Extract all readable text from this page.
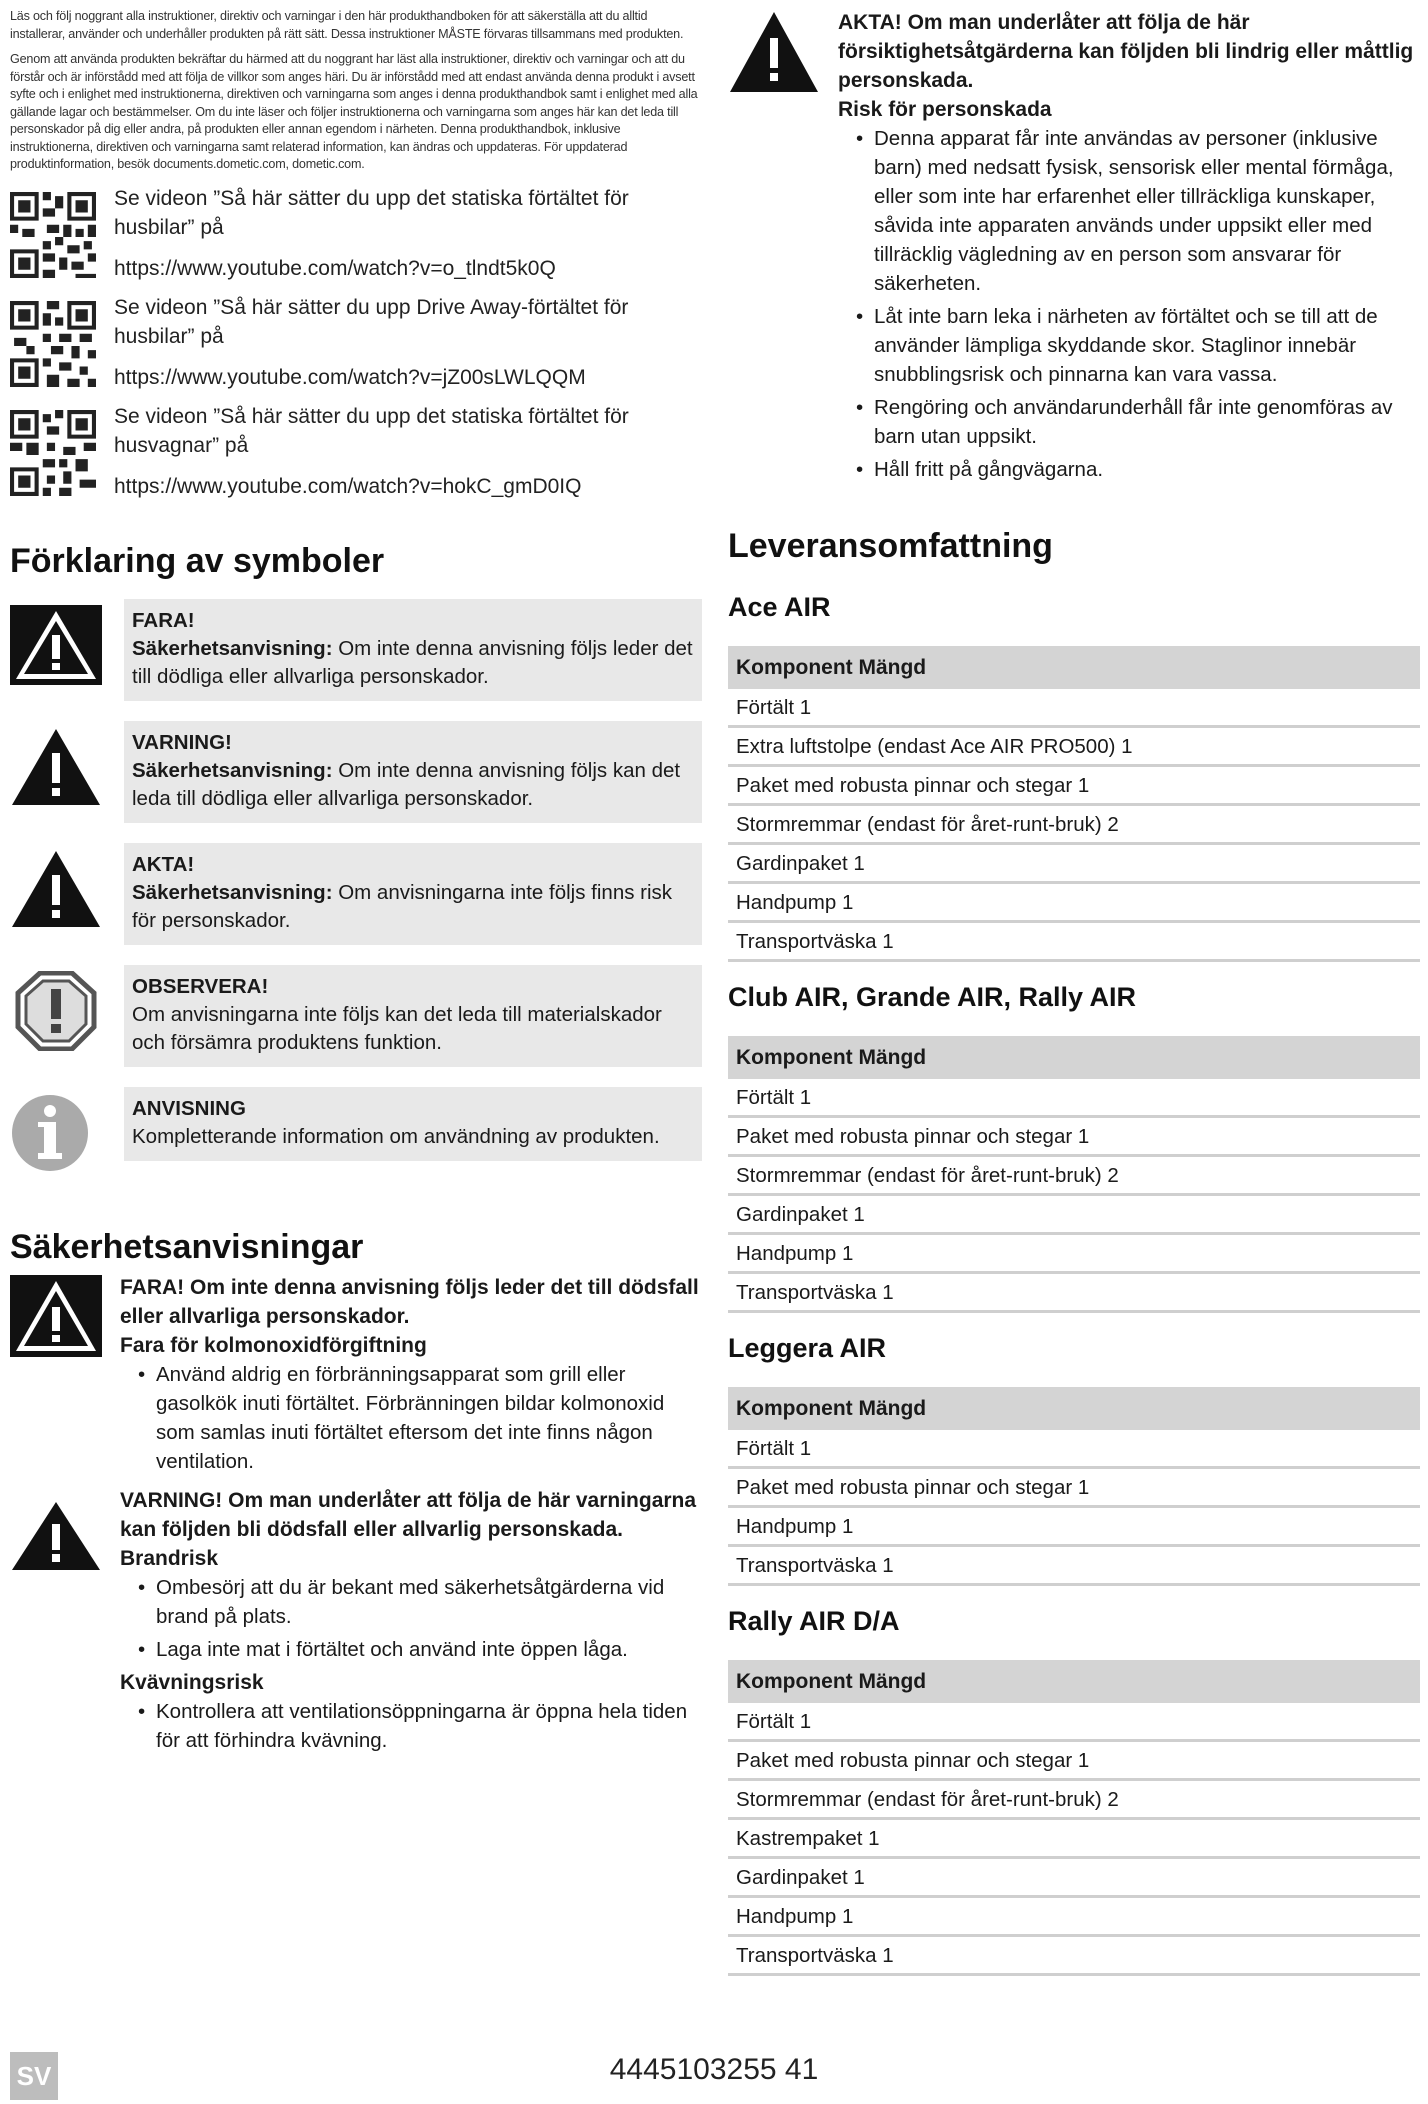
Läs och följ noggrant alla instruktioner, direktiv och varningar i den här produkthandboken för att säkerställa att du alltid installerar, använder och underhåller produkten på rätt sätt. Dessa instruktioner MÅSTE förvaras tillsammans med produkten.

Genom att använda produkten bekräftar du härmed att du noggrant har läst alla instruktioner, direktiv och varningar och att du förstår och är införstådd med att följa de villkor som anges häri. Du är införstådd med att endast använda denna produkt i avsett syfte och i enlighet med instruktionerna, direktiven och varningarna som anges i denna produkthandbok samt i enlighet med alla gällande lagar och bestämmelser. Om du inte läser och följer instruktionerna och varningarna som anges här kan det leda till personskador på dig eller andra, på produkten eller annan egendom i närheten. Denna produkthandbok, inklusive instruktionerna, direktiven och varningarna samt relaterad information, kan ändras och uppdateras. För uppdaterad produktinformation, besök documents.dometic.com, dometic.com.

Se videon ”Så här sätter du upp det statiska förtältet för husbilar” på
https://www.youtube.com/watch?v=o_tlndt5k0Q
Se videon ”Så här sätter du upp Drive Away-förtältet för husbilar” på
https://www.youtube.com/watch?v=jZ00sLWLQQM
Se videon ”Så här sätter du upp det statiska förtältet för husvagnar” på
https://www.youtube.com/watch?v=hokC_gmD0IQ
Förklaring av symboler
FARA!
Säkerhetsanvisning: Om inte denna anvisning följs leder det till dödliga eller allvarliga personskador.
VARNING!
Säkerhetsanvisning: Om inte denna anvisning följs kan det leda till dödliga eller allvarliga personskador.
AKTA!
Säkerhetsanvisning: Om anvisningarna inte följs finns risk för personskador.
OBSERVERA!
Om anvisningarna inte följs kan det leda till materialskador och försämra produktens funktion.
ANVISNING
Kompletterande information om användning av produkten.
Säkerhetsanvisningar
FARA! Om inte denna anvisning följs leder det till dödsfall eller allvarliga personskador.
Fara för kolmonoxidförgiftning
• Använd aldrig en förbränningsapparat som grill eller gasolkök inuti förtältet. Förbränningen bildar kolmonoxid som samlas inuti förtältet eftersom det inte finns någon ventilation.
VARNING! Om man underlåter att följa de här varningarna kan följden bli dödsfall eller allvarlig personskada.
Brandrisk
• Ombesörj att du är bekant med säkerhetsåtgärderna vid brand på plats.
• Laga inte mat i förtältet och använd inte öppen låga.
Kvävningsrisk
• Kontrollera att ventilationsöppningarna är öppna hela tiden för att förhindra kvävning.
AKTA! Om man underlåter att följa de här försiktighetsåtgärderna kan följden bli lindrig eller måttlig personskada.
Risk för personskada
• Denna apparat får inte användas av personer (inklusive barn) med nedsatt fysisk, sensorisk eller mental förmåga, eller som inte har erfarenhet eller tillräckliga kunskaper, såvida inte apparaten används under uppsikt eller med tillräcklig vägledning av en person som ansvarar för säkerheten.
• Låt inte barn leka i närheten av förtältet och se till att de använder lämpliga skyddande skor. Staglinor innebär snubblingsrisk och pinnarna kan vara vassa.
• Rengöring och användarunderhåll får inte genomföras av barn utan uppsikt.
• Håll fritt på gångvägarna.
Leveransomfattning
Ace AIR
Komponent Mängd
Förtält 1
Extra luftstolpe (endast Ace AIR PRO500) 1
Paket med robusta pinnar och stegar 1
Stormremmar (endast för året-runt-bruk) 2
Gardinpaket 1
Handpump 1
Transportväska 1
Club AIR, Grande AIR, Rally AIR
Komponent Mängd
Förtält 1
Paket med robusta pinnar och stegar 1
Stormremmar (endast för året-runt-bruk) 2
Gardinpaket 1
Handpump 1
Transportväska 1
Leggera AIR
Komponent Mängd
Förtält 1
Paket med robusta pinnar och stegar 1
Handpump 1
Transportväska 1
Rally AIR D/A
Komponent Mängd
Förtält 1
Paket med robusta pinnar och stegar 1
Stormremmar (endast för året-runt-bruk) 2
Kastrempaket 1
Gardinpaket 1
Handpump 1
Transportväska 1
4445103255 41
SV
